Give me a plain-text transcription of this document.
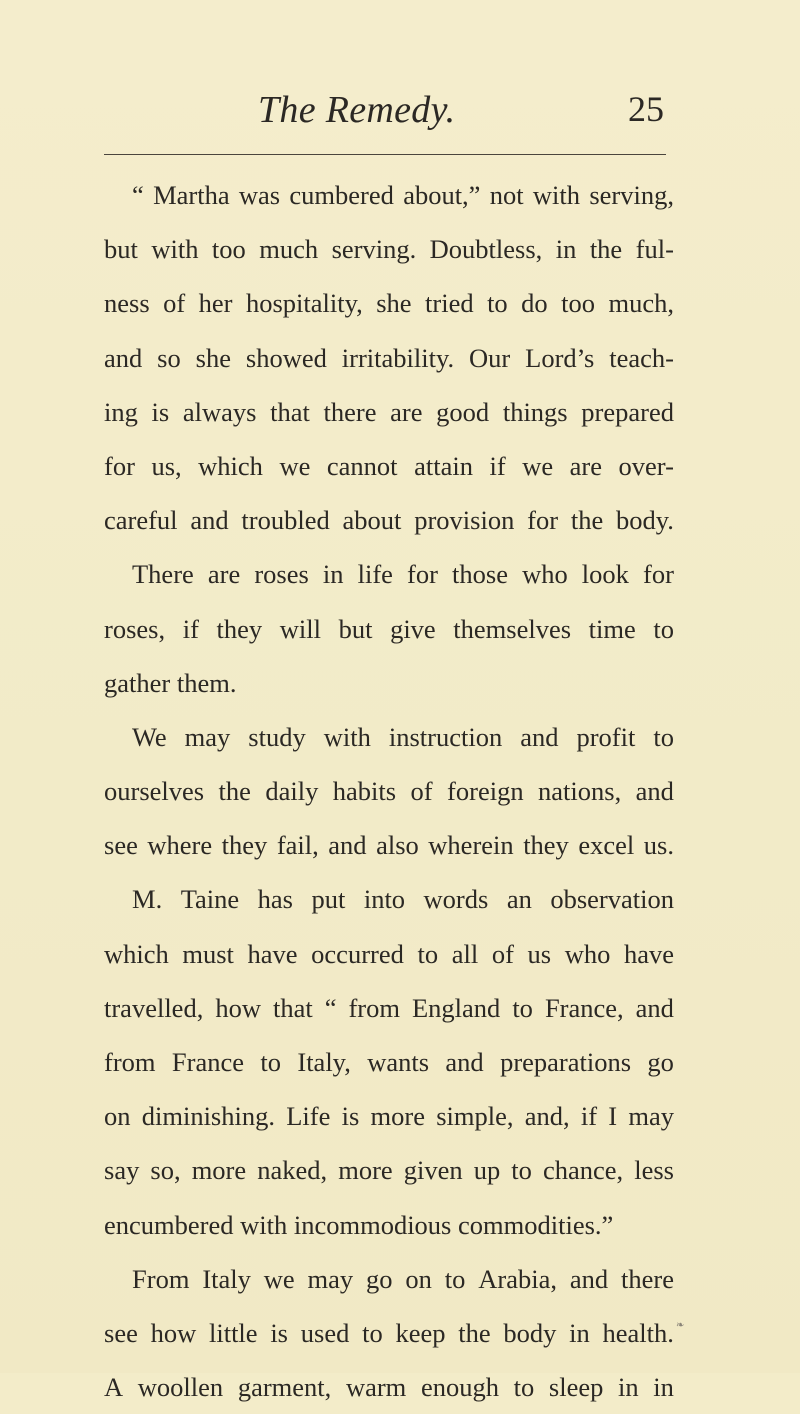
The Remedy.	25
“ Martha was cumbered about,” not with serving,
but with too much serving. Doubtless, in the ful-
ness of her hospitality, she tried to do too much,
and so she showed irritability. Our Lord’s teach-
ing is always that there are good things prepared
for us, which we cannot attain if we are over-
careful and troubled about provision for the body.
There are roses in life for those who look for
roses, if they will but give themselves time to
gather them.
We may study with instruction and profit to
ourselves the daily habits of foreign nations, and
see where they fail, and also wherein they excel us.
M. Taine has put into words an observation
which must have occurred to all of us who have
travelled, how that “ from England to France, and
from France to Italy, wants and preparations go
on diminishing. Life is more simple, and, if I may
say so, more naked, more given up to chance, less
encumbered with incommodious commodities.”
From Italy we may go on to Arabia, and there
see how little is used to keep the body in health.
A woollen garment, warm enough to sleep in in
❧
